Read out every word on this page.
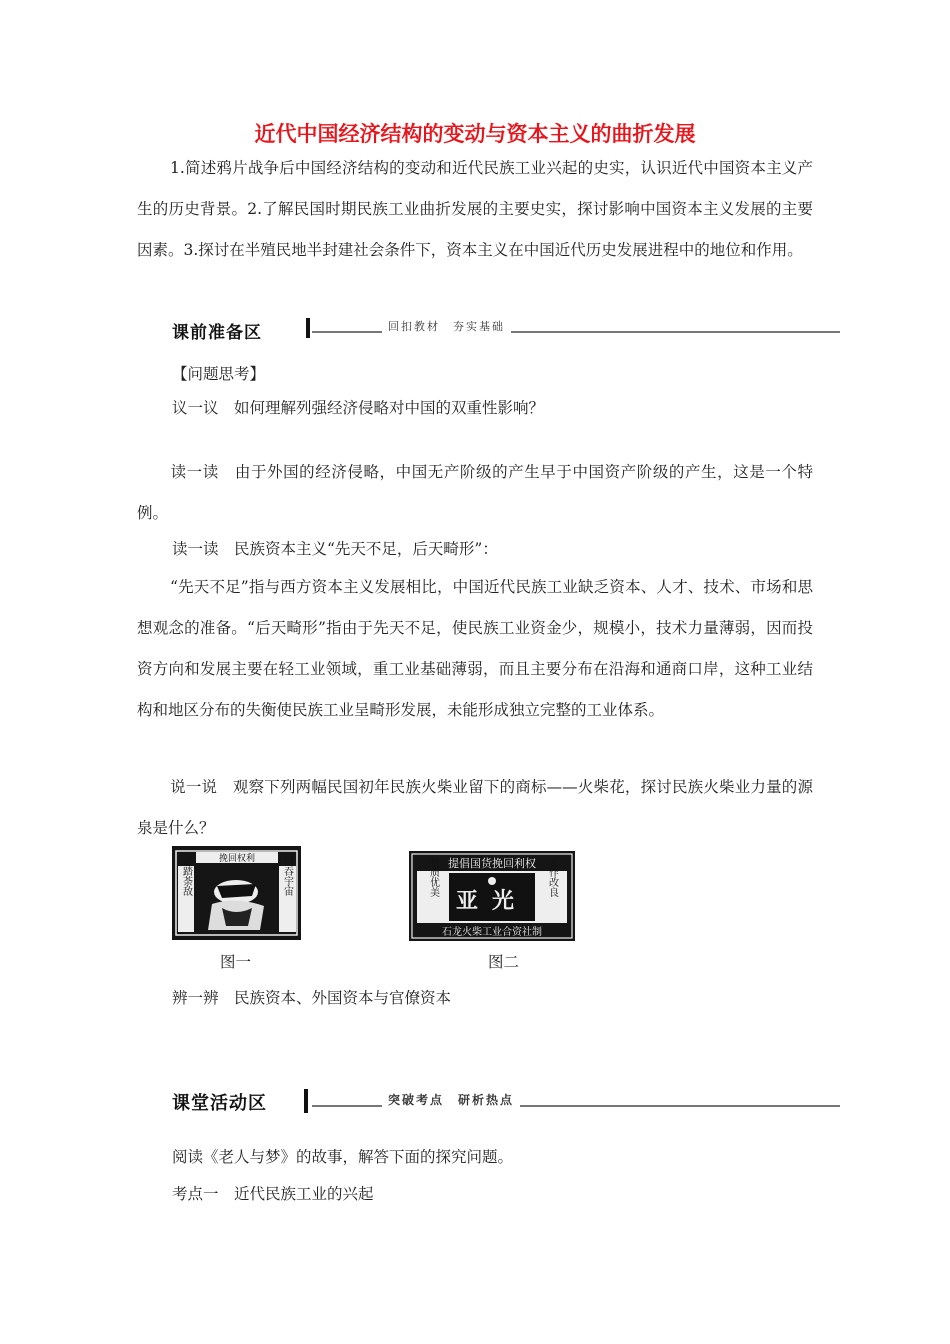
近代中国经济结构的变动与资本主义的曲折发展
1.简述鸦片战争后中国经济结构的变动和近代民族工业兴起的史实，认识近代中国资本主义产生的历史背景。2.了解民国时期民族工业曲折发展的主要史实，探讨影响中国资本主义发展的主要因素。3.探讨在半殖民地半封建社会条件下，资本主义在中国近代历史发展进程中的地位和作用。
课前准备区	回扣教材　夯实基础
【问题思考】
议一议　如何理解列强经济侵略对中国的双重性影响？
读一读　由于外国的经济侵略，中国无产阶级的产生早于中国资产阶级的产生，这是一个特例。
读一读　民族资本主义“先天不足，后天畸形”：
“先天不足”指与西方资本主义发展相比，中国近代民族工业缺乏资本、人才、技术、市场和思想观念的准备。“后天畸形”指由于先天不足，使民族工业资金少，规模小，技术力量薄弱，因而投资方向和发展主要在轻工业领域，重工业基础薄弱，而且主要分布在沿海和通商口岸，这种工业结构和地区分布的失衡使民族工业呈畸形发展，未能形成独立完整的工业体系。
说一说　观察下列两幅民国初年民族火柴业留下的商标——火柴花，探讨民族火柴业力量的源泉是什么？
挽回权利
足踏荼敌	口吞宇宙
图一
提倡国货挽回利权
物质优美
亚光
工作改良
石龙火柴工业合资社制
图二
辨一辨　民族资本、外国资本与官僚资本
课堂活动区	突破考点　研析热点
阅读《老人与梦》的故事，解答下面的探究问题。
考点一　近代民族工业的兴起
